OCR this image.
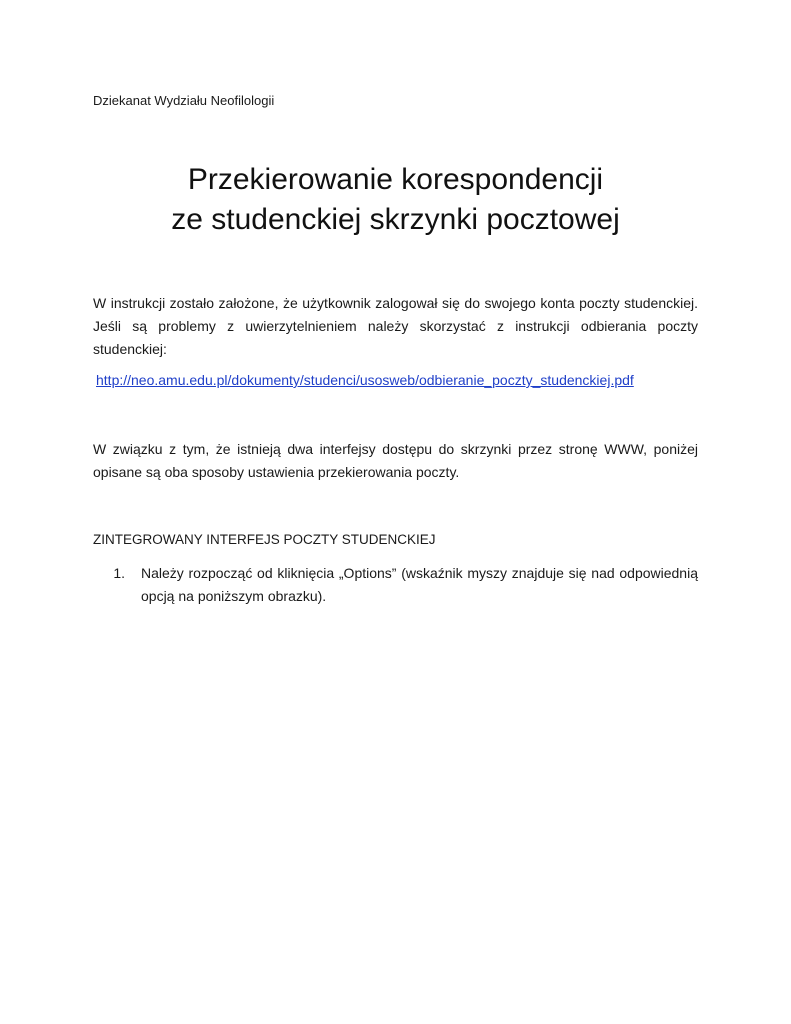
Dziekanat Wydziału Neofilologii
Przekierowanie korespondencji
ze studenckiej skrzynki pocztowej

W instrukcji zostało założone, że użytkownik zalogował się do swojego konta poczty studenckiej. Jeśli są problemy z uwierzytelnieniem należy skorzystać z instrukcji odbierania poczty studenckiej:

http://neo.amu.edu.pl/dokumenty/studenci/usosweb/odbieranie_poczty_studenckiej.pdf

W związku z tym, że istnieją dwa interfejsy dostępu do skrzynki przez stronę WWW, poniżej opisane są oba sposoby ustawienia przekierowania poczty.

ZINTEGROWANY INTERFEJS POCZTY STUDENCKIEJ
1.	Należy rozpocząć od kliknięcia „Options” (wskaźnik myszy znajduje się nad odpowiednią opcją na poniższym obrazku).
